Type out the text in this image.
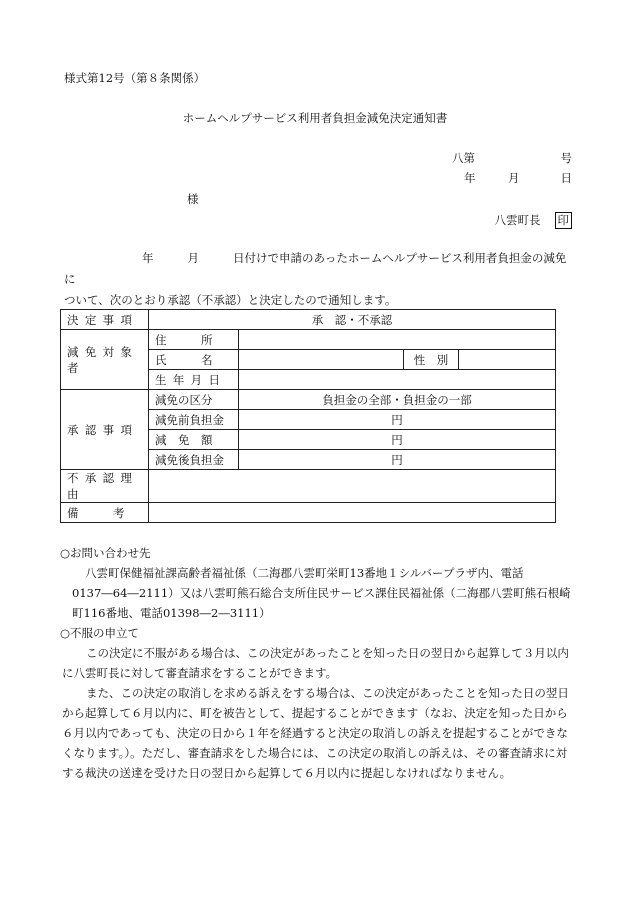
様式第12号（第８条関係）
ホームヘルプサービス利用者負担金減免決定通知書
八第	号
年	月	日
様
八雲町長 印

年	月	日付けで申請のあったホームヘルプサービス利用者負担金の減免に

ついて、次のとおり承認（不承認）と決定したので通知します。

決定事項	承　認・不承認			
減免対象者	住　　　所			
	氏　　　名		性　別	
	生年月日			
承認事項	減免の区分	負担金の全部・負担金の一部		
	減免前負担金	円		
	減　免　額	円		
	減免後負担金	円		
不承認理由				
備　　　考				

○お問い合わせ先

八雲町保健福祉課高齢者福祉係（二海郡八雲町栄町13番地１シルバープラザ内、電話0137―64―2111）又は八雲町熊石総合支所住民サービス課住民福祉係（二海郡八雲町熊石根崎町116番地、電話01398―2―3111）

○不服の申立て

この決定に不服がある場合は、この決定があったことを知った日の翌日から起算して３月以内に八雲町長に対して審査請求をすることができます。

また、この決定の取消しを求める訴えをする場合は、この決定があったことを知った日の翌日から起算して６月以内に、町を被告として、提起することができます（なお、決定を知った日から６月以内であっても、決定の日から１年を経過すると決定の取消しの訴えを提起することができなくなります。）。ただし、審査請求をした場合には、この決定の取消しの訴えは、その審査請求に対する裁決の送達を受けた日の翌日から起算して６月以内に提起しなければなりません。
